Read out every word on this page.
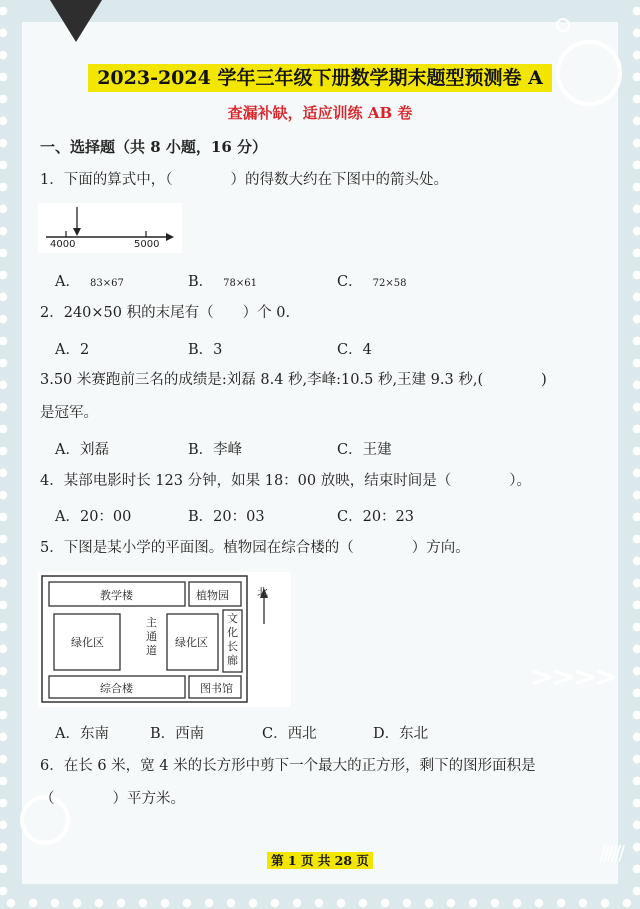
>>>>
//////
2023-2024 学年三年级下册数学期末题型预测卷 A
查漏补缺，适应训练 AB 卷
一、选择题（共 8 小题，16 分）
1．下面的算式中，（　　　　）的得数大约在下图中的箭头处。
4000	5000
A． 83×67	B． 78×61	C． 72×58
2．240×50 积的末尾有（　　）个 0.
A．2	B．3	C．4
3.50 米赛跑前三名的成绩是:刘磊 8.4 秒,李峰:10.5 秒,王建 9.3 秒,(　　　　)
是冠军。
A．刘磊	B．李峰	C．王建
4．某部电影时长 123 分钟，如果 18：00 放映，结束时间是（　　　　）。
A．20：00	B．20：03	C．20：23
5．下图是某小学的平面图。植物园在综合楼的（　　　　）方向。
教学楼	植物园
绿化区
主通道
绿化区
文化长廊
综合楼	图书馆
北
A．东南	B．西南	C．西北	D．东北
6．在长 6 米，宽 4 米的长方形中剪下一个最大的正方形，剩下的图形面积是
（　　　　）平方米。
第 1 页 共 28 页
